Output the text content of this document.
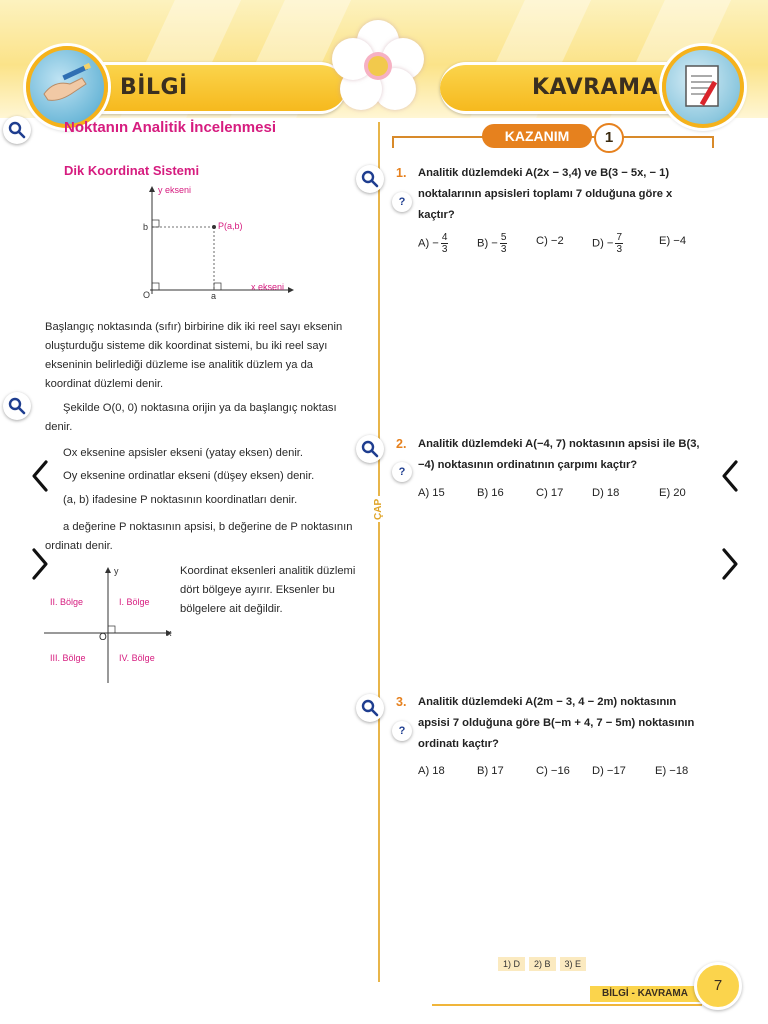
BİLGİ	KAVRAMA
Noktanın Analitik İncelenmesi
Dik Koordinat Sistemi
y ekseni
x ekseni
P(a,b)
O	a
b
Başlangıç noktasında (sıfır) birbirine dik iki reel sayı eksenin oluşturduğu sisteme dik koordinat sistemi, bu iki reel sayı ekseninin belirlediği düzleme ise analitik düzlem ya da koordinat düzlemi denir.
Şekilde O(0, 0) noktasına orijin ya da başlangıç noktası denir.
Ox eksenine apsisler ekseni (yatay eksen) denir.
Oy eksenine ordinatlar ekseni (düşey eksen) denir.
(a, b) ifadesine P noktasının koordinatları denir.
a değerine P noktasının apsisi, b değerine de P noktasının ordinatı denir.
y
x
O
I. Bölge
II. Bölge
III. Bölge	IV. Bölge
Koordinat eksenleri analitik düzlemi dört bölgeye ayırır. Eksenler bu bölgelere ait değildir.
ÇAP
KAZANIM	1
?
1. Analitik düzlemdeki A(2x − 3,4) ve B(3 − 5x, − 1) noktalarının apsisleri toplamı 7 olduğuna göre x kaçtır?
$A) - \frac{4}{3}$	$B) - \frac{5}{3}$	C) −2	$D) - \frac{7}{3}$	E) −4
?
2. Analitik düzlemdeki A(−4, 7) noktasının apsisi ile B(3, −4) noktasının ordinatının çarpımı kaçtır?
A) 15	B) 16	C) 17	D) 18	E) 20
?
3. Analitik düzlemdeki A(2m − 3, 4 − 2m) noktasının apsisi 7 olduğuna göre B(−m + 4, 7 − 5m) noktasının ordinatı kaçtır?
A) 18	B) 17	C) −16 D) −17	E) −18
1) D 2) B 3) E
BİLGİ - KAVRAMA	7
